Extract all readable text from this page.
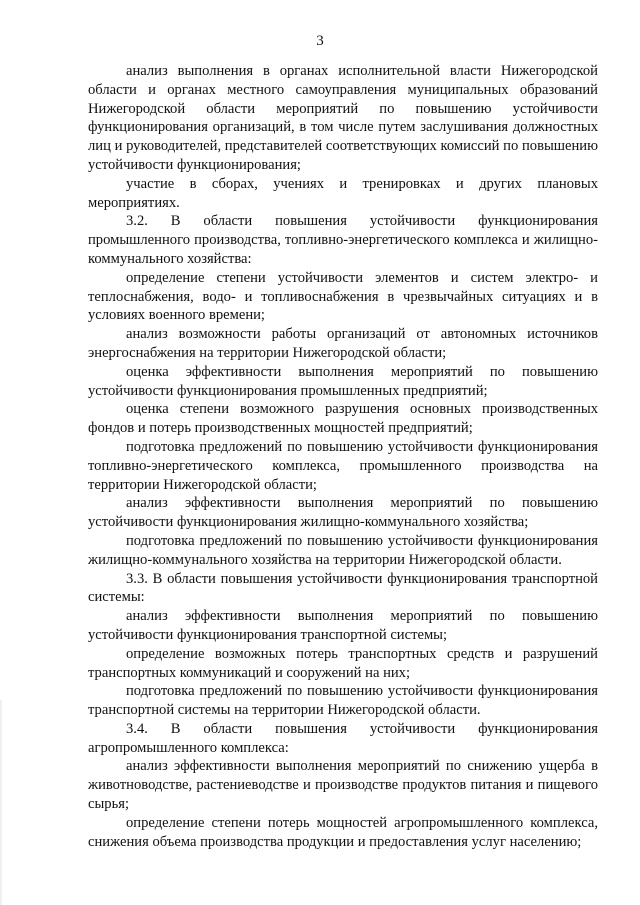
3

анализ выполнения в органах исполнительной власти Нижегородской области и органах местного самоуправления муниципальных образований Нижегородской области мероприятий по повышению устойчивости функционирования организаций, в том числе путем заслушивания должностных лиц и руководителей, представителей соответствующих комиссий по повышению устойчивости функционирования;

участие в сборах, учениях и тренировках и других плановых мероприятиях.

3.2. В области повышения устойчивости функционирования промышленного производства, топливно-энергетического комплекса и жилищно-коммунального хозяйства:

определение степени устойчивости элементов и систем электро- и теплоснабжения, водо- и топливоснабжения в чрезвычайных ситуациях и в условиях военного времени;

анализ возможности работы организаций от автономных источников энергоснабжения на территории Нижегородской области;

оценка эффективности выполнения мероприятий по повышению устойчивости функционирования промышленных предприятий;

оценка степени возможного разрушения основных производственных фондов и потерь производственных мощностей предприятий;

подготовка предложений по повышению устойчивости функционирования топливно-энергетического комплекса, промышленного производства на территории Нижегородской области;

анализ эффективности выполнения мероприятий по повышению устойчивости функционирования жилищно-коммунального хозяйства;

подготовка предложений по повышению устойчивости функционирования жилищно-коммунального хозяйства на территории Нижегородской области.

3.3. В области повышения устойчивости функционирования транспортной системы:

анализ эффективности выполнения мероприятий по повышению устойчивости функционирования транспортной системы;

определение возможных потерь транспортных средств и разрушений транспортных коммуникаций и сооружений на них;

подготовка предложений по повышению устойчивости функционирования транспортной системы на территории Нижегородской области.

3.4. В области повышения устойчивости функционирования агропромышленного комплекса:

анализ эффективности выполнения мероприятий по снижению ущерба в животноводстве, растениеводстве и производстве продуктов питания и пищевого сырья;

определение степени потерь мощностей агропромышленного комплекса, снижения объема производства продукции и предоставления услуг населению;
